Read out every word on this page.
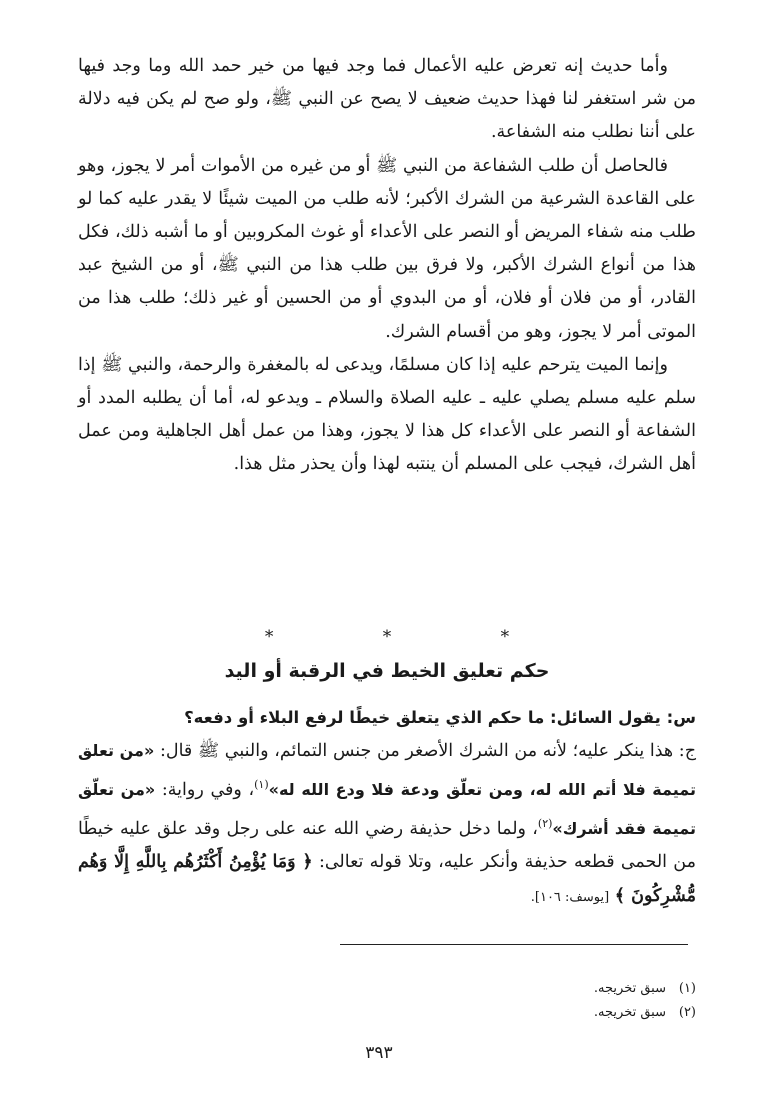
وأما حديث إنه تعرض عليه الأعمال فما وجد فيها من خير حمد الله وما وجد فيها من شر استغفر لنا فهذا حديث ضعيف لا يصح عن النبي ﷺ، ولو صح لم يكن فيه دلالة على أننا نطلب منه الشفاعة.

فالحاصل أن طلب الشفاعة من النبي ﷺ أو من غيره من الأموات أمر لا يجوز، وهو على القاعدة الشرعية من الشرك الأكبر؛ لأنه طلب من الميت شيئًا لا يقدر عليه كما لو طلب منه شفاء المريض أو النصر على الأعداء أو غوث المكروبين أو ما أشبه ذلك، فكل هذا من أنواع الشرك الأكبر، ولا فرق بين طلب هذا من النبي ﷺ، أو من الشيخ عبد القادر، أو من فلان أو فلان، أو من البدوي أو من الحسين أو غير ذلك؛ طلب هذا من الموتى أمر لا يجوز، وهو من أقسام الشرك.

وإنما الميت يترحم عليه إذا كان مسلمًا، ويدعى له بالمغفرة والرحمة، والنبي ﷺ إذا سلم عليه مسلم يصلي عليه ـ عليه الصلاة والسلام ـ ويدعو له، أما أن يطلبه المدد أو الشفاعة أو النصر على الأعداء كل هذا لا يجوز، وهذا من عمل أهل الجاهلية ومن عمل أهل الشرك، فيجب على المسلم أن ينتبه لهذا وأن يحذر مثل هذا.

* * *
حكم تعليق الخيط في الرقبة أو اليد

س: يقول السائل: ما حكم الذي يتعلق خيطًا لرفع البلاء أو دفعه؟

ج: هذا ينكر عليه؛ لأنه من الشرك الأصغر من جنس التمائم، والنبي ﷺ قال: «من تعلق تميمة فلا أتم الله له، ومن تعلّق ودعة فلا ودع الله له»$^{(١)}$، وفي رواية: «من تعلّق تميمة فقد أشرك»$^{(٢)}$، ولما دخل حذيفة رضي الله عنه على رجل وقد علق عليه خيطًا من الحمى قطعه حذيفة وأنكر عليه، وتلا قوله تعالى: ﴿ وَمَا يُؤْمِنُ أَكْثَرُهُم بِاللَّهِ إِلَّا وَهُم مُّشْرِكُونَ ﴾ [يوسف: ١٠٦].

(١)سبق تخريجه.
(٢)سبق تخريجه.
٣٩٣
